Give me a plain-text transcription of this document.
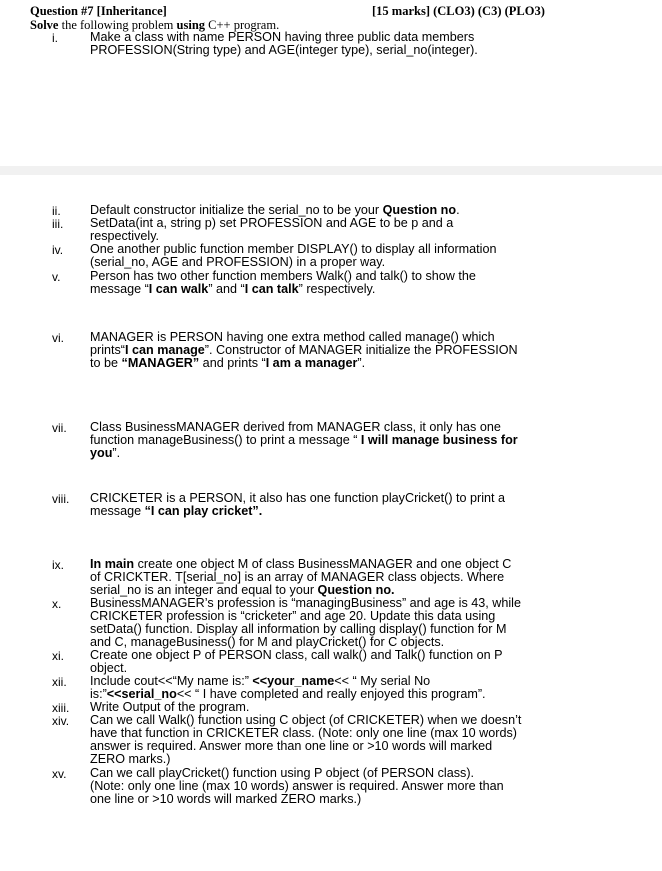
Question #7 [Inheritance]	[15 marks] (CLO3) (C3) (PLO3)
Solve the following problem using C++ program.
i.	Make a class with name PERSON having three public data members
PROFESSION(String type) and AGE(integer type), serial_no(integer).
ii. Default constructor initialize the serial_no to be your Question no.
iii. SetData(int a, string p) set PROFESSION and AGE to be p and a
respectively.
iv. One another public function member DISPLAY() to display all information
(serial_no, AGE and PROFESSION) in a proper way.
v. Person has two other function members Walk() and talk() to show the
message “I can walk” and “I can talk” respectively.
vi. MANAGER is PERSON having one extra method called manage() which
prints“I can manage”. Constructor of MANAGER initialize the PROFESSION
to be “MANAGER” and prints “I am a manager”.
vii. Class BusinessMANAGER derived from MANAGER class, it only has one
function manageBusiness() to print a message “ I will manage business for
you”.
viii. CRICKETER is a PERSON, it also has one function playCricket() to print a
message “I can play cricket”.
ix. In main create one object M of class BusinessMANAGER and one object C
of CRICKTER. T[serial_no] is an array of MANAGER class objects. Where
serial_no is an integer and equal to your Question no.
x. BusinessMANAGER’s profession is “managingBusiness” and age is 43, while
CRICKETER profession is “cricketer” and age 20. Update this data using
setData() function. Display all information by calling display() function for M
and C, manageBusiness() for M and playCricket() for C objects.
xi. Create one object P of PERSON class, call walk() and Talk() function on P
object.
xii. Include cout<<“My name is:” <<your_name<< “ My serial No
is:”<<serial_no<< “ I have completed and really enjoyed this program”.
xiii. Write Output of the program.
xiv. Can we call Walk() function using C object (of CRICKETER) when we doesn’t
have that function in CRICKETER class. (Note: only one line (max 10 words)
answer is required. Answer more than one line or >10 words will marked
ZERO marks.)
xv. Can we call playCricket() function using P object (of PERSON class).
(Note: only one line (max 10 words) answer is required. Answer more than
one line or >10 words will marked ZERO marks.)
